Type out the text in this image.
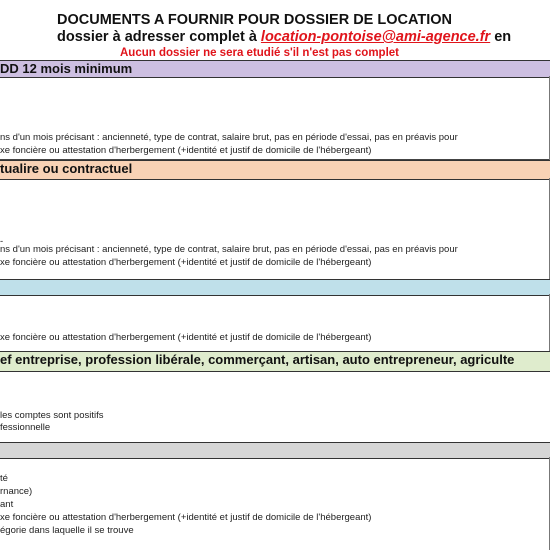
DOCUMENTS A FOURNIR POUR DOSSIER DE LOCATION
dossier à adresser complet à location-pontoise@ami-agence.fr en
Aucun dossier ne sera etudié s'il n'est pas complet
DD 12 mois minimum
ns d'un mois précisant : ancienneté, type de contrat, salaire brut, pas en période d'essai, pas en préavis pour
xe foncière ou attestation d'herbergement (+identité et justif de domicile de l'hébergeant)
tualire ou contractuel
-
ns d'un mois précisant : ancienneté, type de contrat, salaire brut, pas en période d'essai, pas en préavis pour
xe foncière ou attestation d'herbergement (+identité et justif de domicile de l'hébergeant)
xe foncière ou attestation d'herbergement (+identité et justif de domicile de l'hébergeant)
ef entreprise, profession libérale, commerçant, artisan, auto entrepreneur, agriculte
les comptes sont positifs
fessionnelle
té
rnance)
ant
xe foncière ou attestation d'herbergement (+identité et justif de domicile de l'hébergeant)
égorie dans laquelle il se trouve
